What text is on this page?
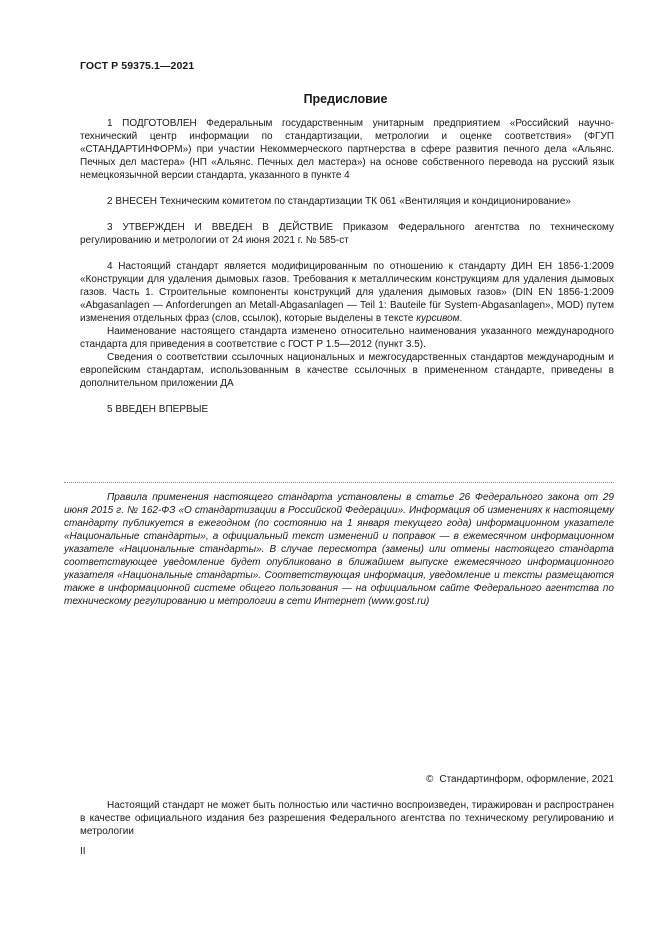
ГОСТ Р 59375.1—2021
Предисловие

1 ПОДГОТОВЛЕН Федеральным государственным унитарным предприятием «Российский научно-технический центр информации по стандартизации, метрологии и оценке соответствия» (ФГУП «СТАНДАРТИНФОРМ») при участии Некоммерческого партнерства в сфере развития печного дела «Альянс. Печных дел мастера» (НП «Альянс. Печных дел мастера») на основе собственного перевода на русский язык немецкоязычной версии стандарта, указанного в пункте 4

2 ВНЕСЕН Техническим комитетом по стандартизации ТК 061 «Вентиляция и кондиционирование»

3 УТВЕРЖДЕН И ВВЕДЕН В ДЕЙСТВИЕ Приказом Федерального агентства по техническому регулированию и метрологии от 24 июня 2021 г. № 585-ст

4 Настоящий стандарт является модифицированным по отношению к стандарту ДИН ЕН 1856-1:2009 «Конструкции для удаления дымовых газов. Требования к металлическим конструкциям для удаления дымовых газов. Часть 1. Строительные компоненты конструкций для удаления дымовых газов» (DIN EN 1856-1:2009 «Abgasanlagen — Anforderungen an Metall-Abgasanlagen — Teil 1: Bauteile für System-Abgasanlagen», MOD) путем изменения отдельных фраз (слов, ссылок), которые выделены в тексте курсивом.

Наименование настоящего стандарта изменено относительно наименования указанного международного стандарта для приведения в соответствие с ГОСТ Р 1.5—2012 (пункт 3.5).

Сведения о соответствии ссылочных национальных и межгосударственных стандартов международным и европейским стандартам, использованным в качестве ссылочных в примененном стандарте, приведены в дополнительном приложении ДА

5 ВВЕДЕН ВПЕРВЫЕ

Правила применения настоящего стандарта установлены в статье 26 Федерального закона от 29 июня 2015 г. № 162-ФЗ «О стандартизации в Российской Федерации». Информация об изменениях к настоящему стандарту публикуется в ежегодном (по состоянию на 1 января текущего года) информационном указателе «Национальные стандарты», а официальный текст изменений и поправок — в ежемесячном информационном указателе «Национальные стандарты». В случае пересмотра (замены) или отмены настоящего стандарта соответствующее уведомление будет опубликовано в ближайшем выпуске ежемесячного информационного указателя «Национальные стандарты». Соответствующая информация, уведомление и тексты размещаются также в информационной системе общего пользования — на официальном сайте Федерального агентства по техническому регулированию и метрологии в сети Интернет (www.gost.ru)

© Стандартинформ, оформление, 2021

Настоящий стандарт не может быть полностью или частично воспроизведен, тиражирован и распространен в качестве официального издания без разрешения Федерального агентства по техническому регулированию и метрологии

II
